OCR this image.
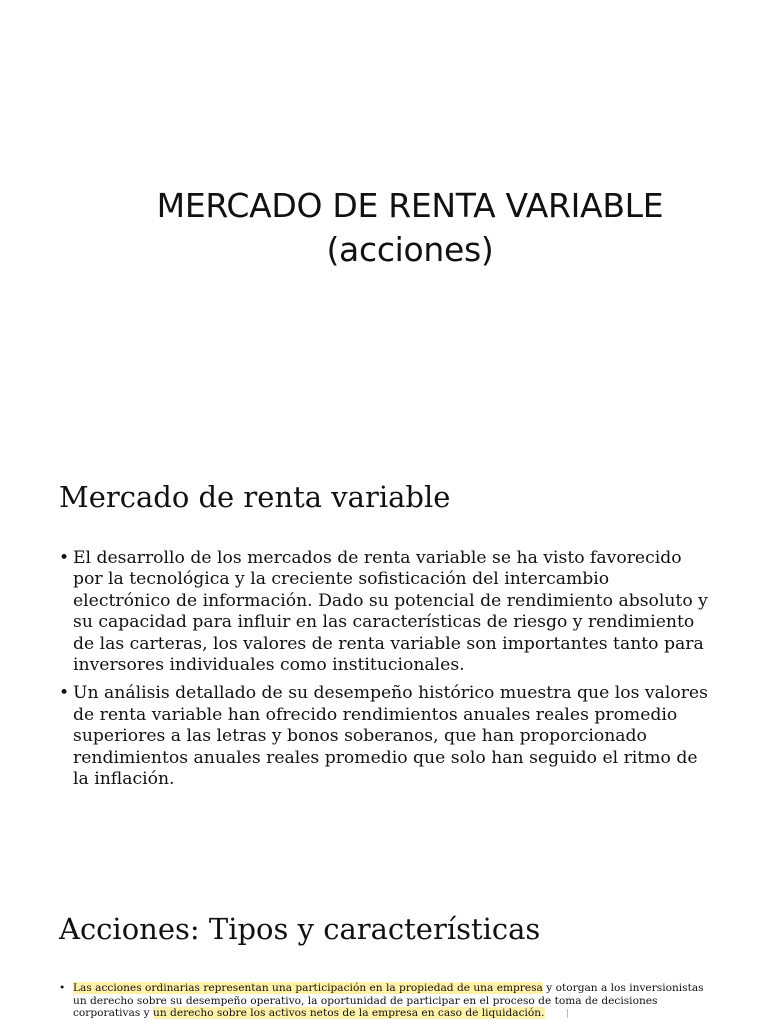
MERCADO DE RENTA VARIABLE
(acciones)
Mercado de renta variable
• El desarrollo de los mercados de renta variable se ha visto favorecido por la tecnológica y la creciente sofisticación del intercambio electrónico de información. Dado su potencial de rendimiento absoluto y su capacidad para influir en las características de riesgo y rendimiento de las carteras, los valores de renta variable son importantes tanto para inversores individuales como institucionales.
• Un análisis detallado de su desempeño histórico muestra que los valores de renta variable han ofrecido rendimientos anuales reales promedio superiores a las letras y bonos soberanos, que han proporcionado rendimientos anuales reales promedio que solo han seguido el ritmo de la inflación.
Acciones: Tipos y características
• Las acciones ordinarias representan una participación en la propiedad de una empresa y otorgan a los inversionistas un derecho sobre su desempeño operativo, la oportunidad de participar en el proceso de toma de decisiones corporativas y un derecho sobre los activos netos de la empresa en caso de liquidación.
